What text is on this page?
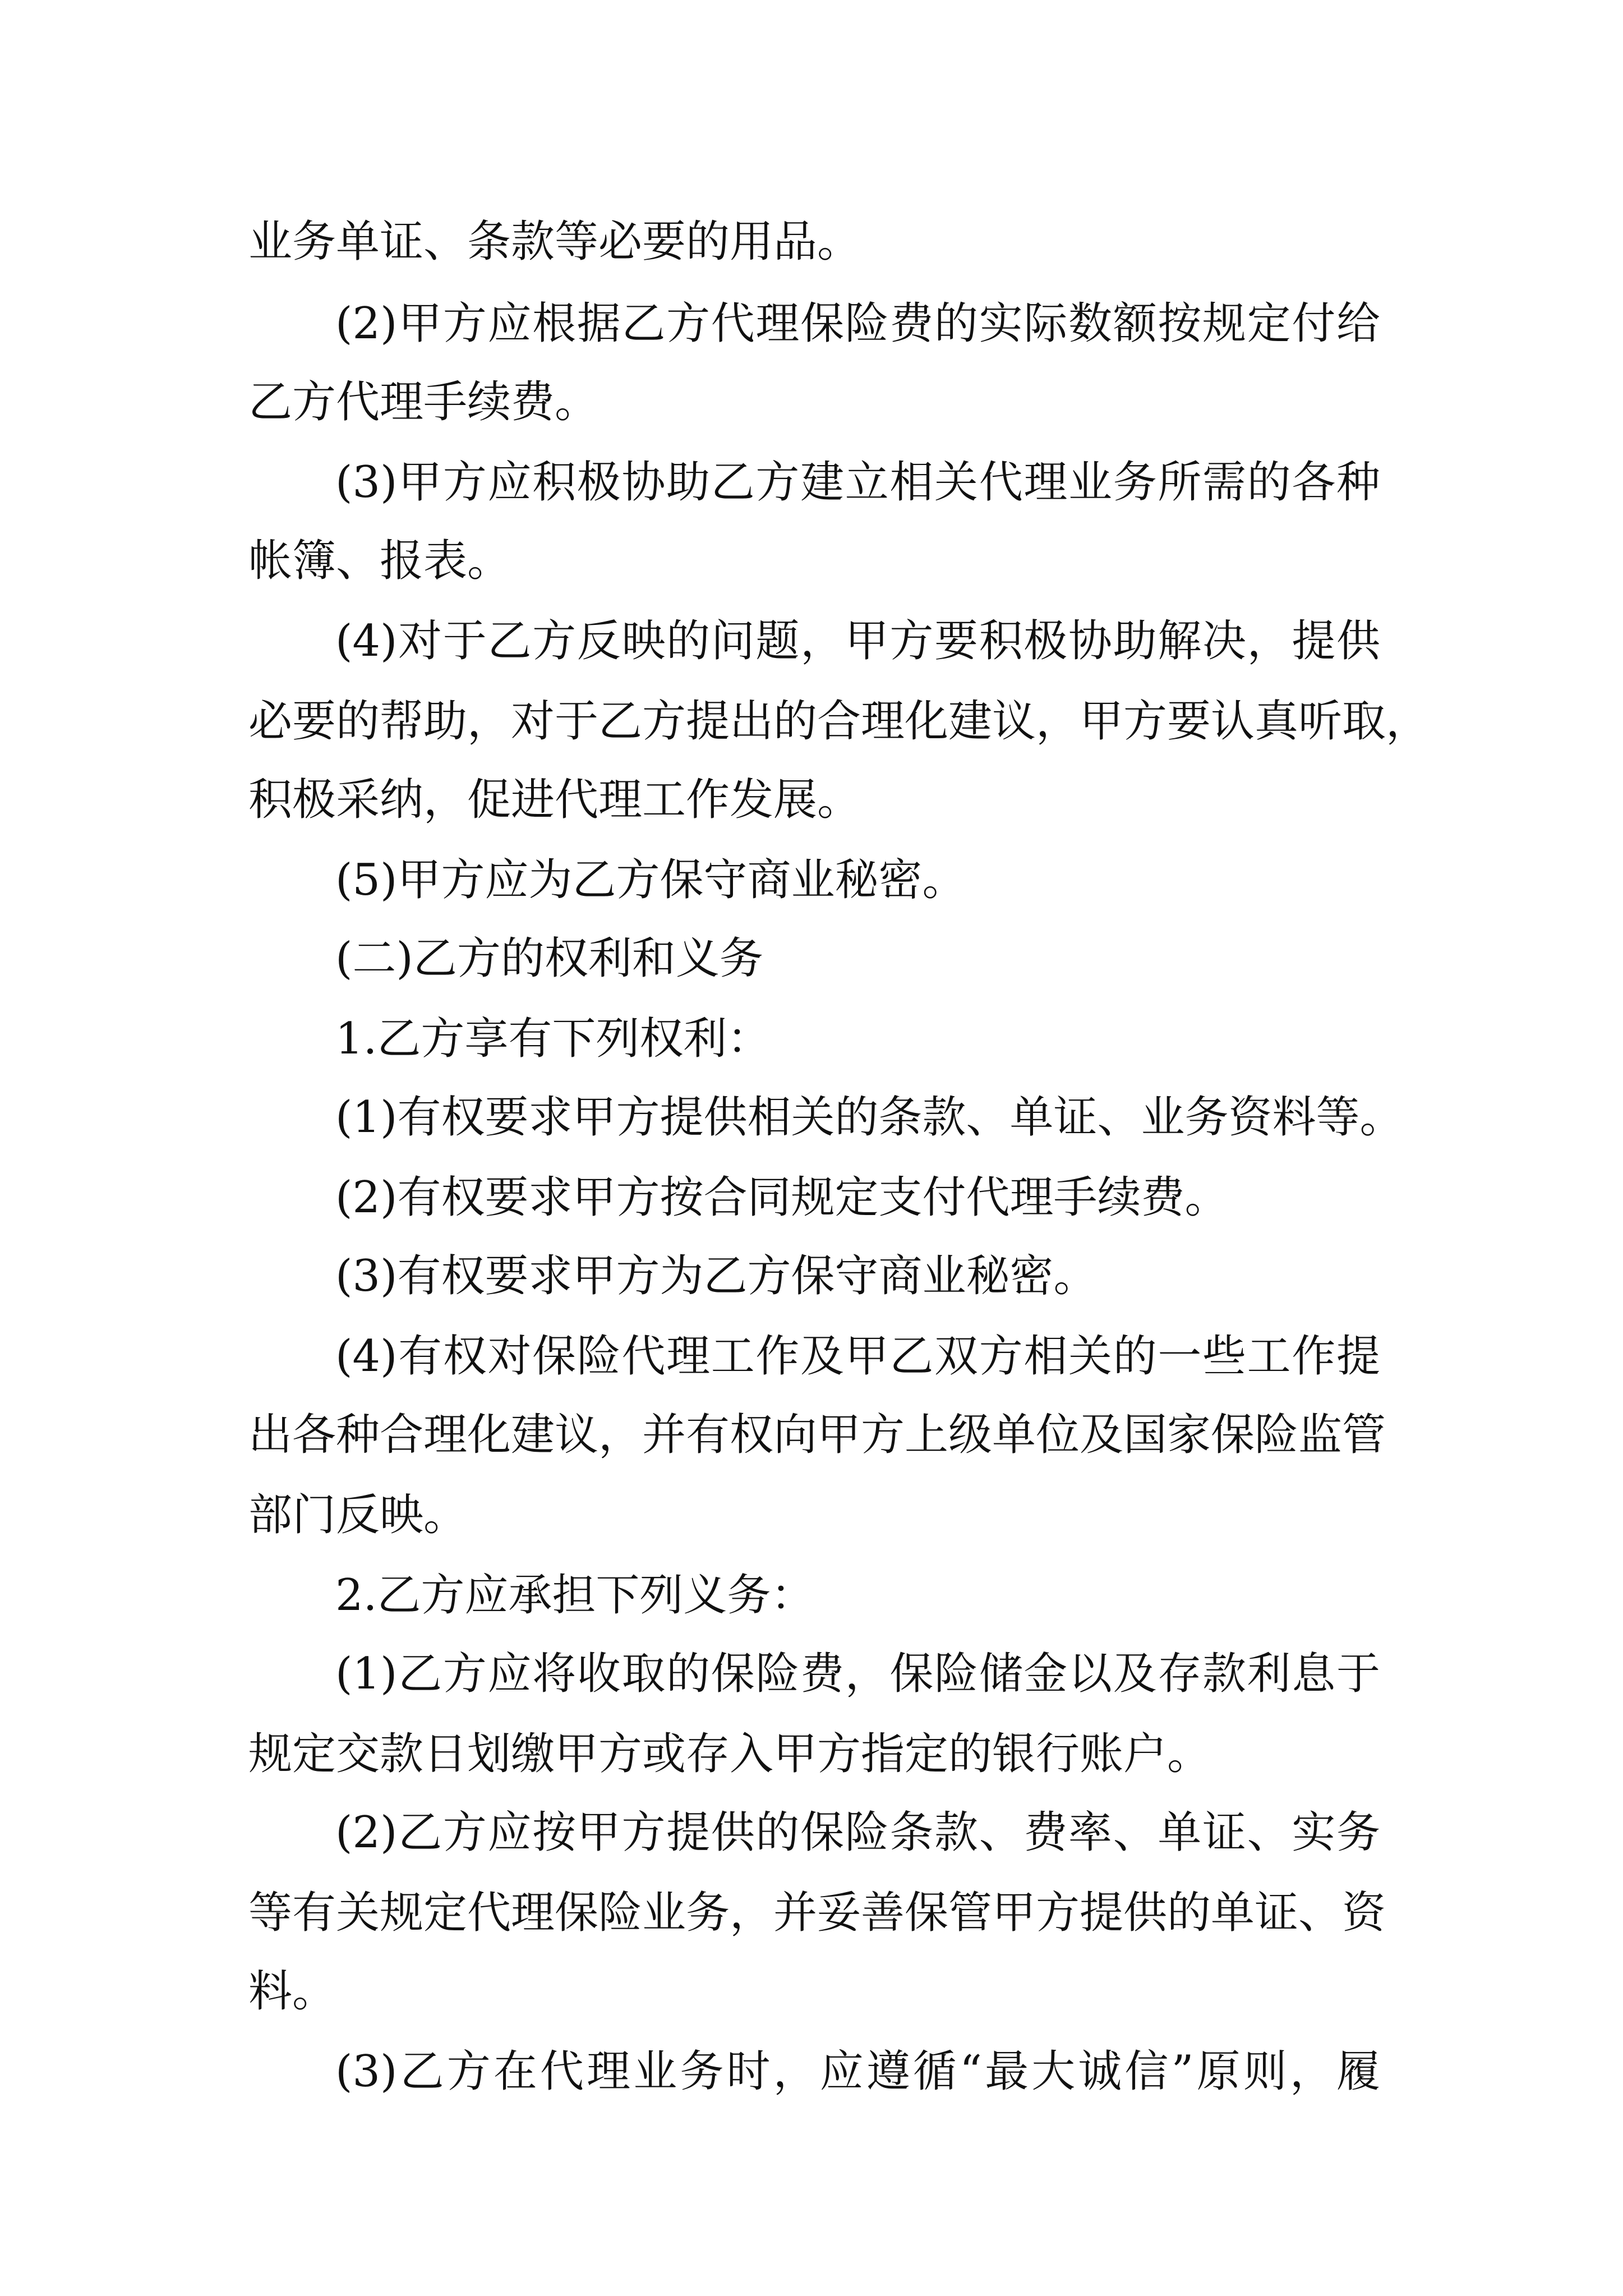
业务单证、条款等必要的用品。
(2)甲方应根据乙方代理保险费的实际数额按规定付给
乙方代理手续费。
(3)甲方应积极协助乙方建立相关代理业务所需的各种
帐簿、报表。
(4)对于乙方反映的问题，甲方要积极协助解决，提供
必要的帮助，对于乙方提出的合理化建议，甲方要认真听取，
积极采纳，促进代理工作发展。
(5)甲方应为乙方保守商业秘密。
(二)乙方的权利和义务
1.乙方享有下列权利：
(1)有权要求甲方提供相关的条款、单证、业务资料等。
(2)有权要求甲方按合同规定支付代理手续费。
(3)有权要求甲方为乙方保守商业秘密。
(4)有权对保险代理工作及甲乙双方相关的一些工作提
出各种合理化建议，并有权向甲方上级单位及国家保险监管
部门反映。
2.乙方应承担下列义务：
(1)乙方应将收取的保险费，保险储金以及存款利息于
规定交款日划缴甲方或存入甲方指定的银行账户。
(2)乙方应按甲方提供的保险条款、费率、单证、实务
等有关规定代理保险业务，并妥善保管甲方提供的单证、资
料。
(3)乙方在代理业务时，应遵循“最大诚信”原则，履
